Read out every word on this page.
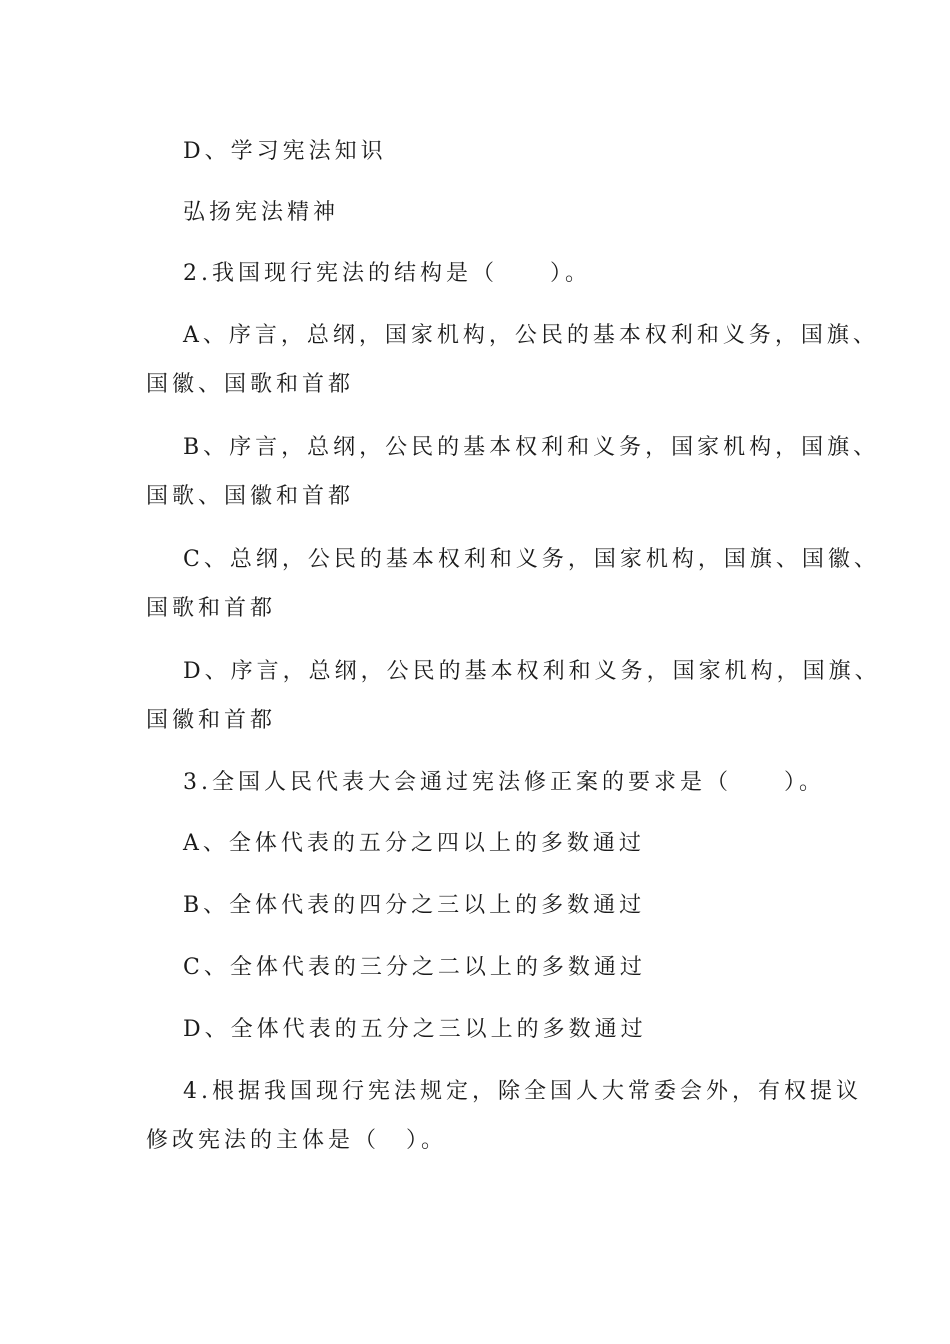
D、学习宪法知识
弘扬宪法精神
2.我国现行宪法的结构是（　　）。
A、序言，总纲，国家机构，公民的基本权利和义务，国旗、
国徽、国歌和首都
B、序言，总纲，公民的基本权利和义务，国家机构，国旗、
国歌、国徽和首都
C、总纲，公民的基本权利和义务，国家机构，国旗、国徽、
国歌和首都
D、序言，总纲，公民的基本权利和义务，国家机构，国旗、
国徽和首都
3.全国人民代表大会通过宪法修正案的要求是（　　）。
A、全体代表的五分之四以上的多数通过
B、全体代表的四分之三以上的多数通过
C、全体代表的三分之二以上的多数通过
D、全体代表的五分之三以上的多数通过
4.根据我国现行宪法规定，除全国人大常委会外，有权提议
修改宪法的主体是（　）。
